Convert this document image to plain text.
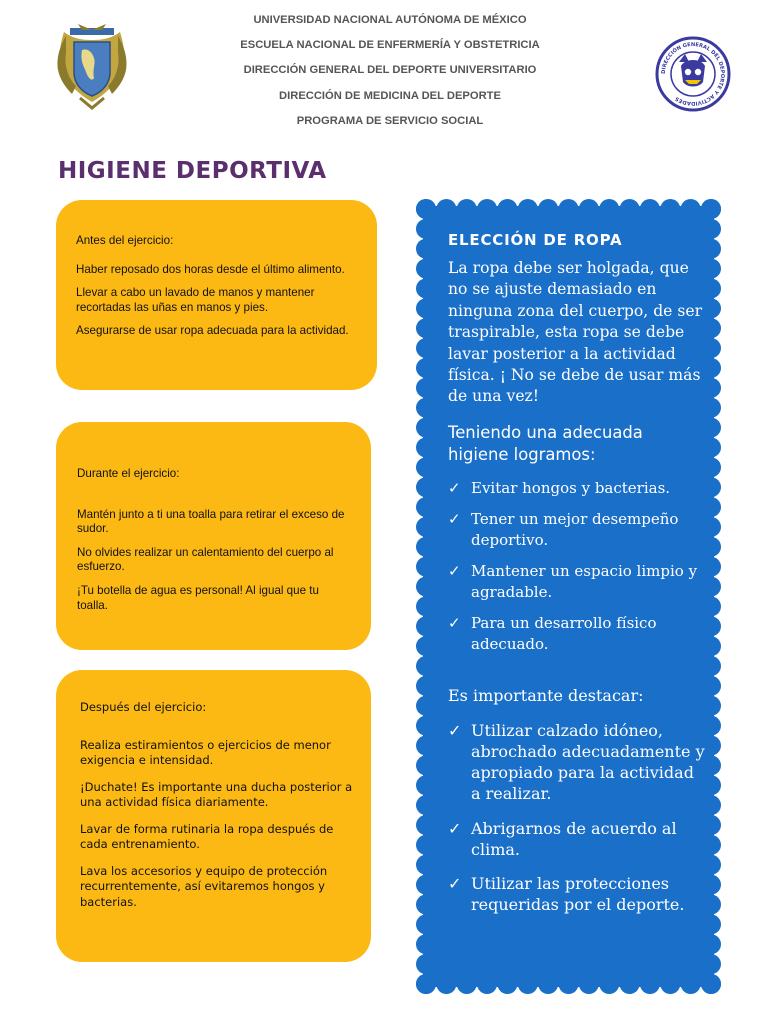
UNIVERSIDAD NACIONAL AUTÓNOMA DE MÉXICO
ESCUELA NACIONAL DE ENFERMERÍA Y OBSTETRICIA
DIRECCIÓN GENERAL DEL DEPORTE UNIVERSITARIO
DIRECCIÓN DE MEDICINA DEL DEPORTE
PROGRAMA DE SERVICIO SOCIAL
DIRECCIÓN GENERAL DEL DEPORTE Y ACTIVIDADES
HIGIENE DEPORTIVA

Antes del ejercicio:

Haber reposado dos horas desde el último alimento.

Llevar a cabo un lavado de manos y mantener recortadas las uñas en manos y pies.

Asegurarse de usar ropa adecuada para la actividad.

Durante el ejercicio:

Mantén junto a ti una toalla para retirar el exceso de sudor.

No olvides realizar un calentamiento del cuerpo al esfuerzo.

¡Tu botella de agua es personal! Al igual que tu toalla.

Después del ejercicio:

Realiza estiramientos o ejercicios de menor exigencia e intensidad.

¡Duchate! Es importante una ducha posterior a una actividad física diariamente.

Lavar de forma rutinaria la ropa después de cada entrenamiento.

Lava los accesorios y equipo de protección recurrentemente, así evitaremos hongos y bacterias.

ELECCIÓN DE ROPA

La ropa debe ser holgada, que no se ajuste demasiado en ninguna zona del cuerpo, de ser traspirable, esta ropa se debe lavar posterior a la actividad física. ¡ No se debe de usar más de una vez!

Teniendo una adecuada higiene logramos:

✓ Evitar hongos y bacterias.
✓ Tener un mejor desempeño deportivo.
✓ Mantener un espacio limpio y agradable.
✓ Para un desarrollo físico adecuado.

Es importante destacar:

✓ Utilizar calzado idóneo, abrochado adecuadamente y apropiado para la actividad a realizar.
✓ Abrigarnos de acuerdo al clima.
✓ Utilizar las protecciones requeridas por el deporte.
